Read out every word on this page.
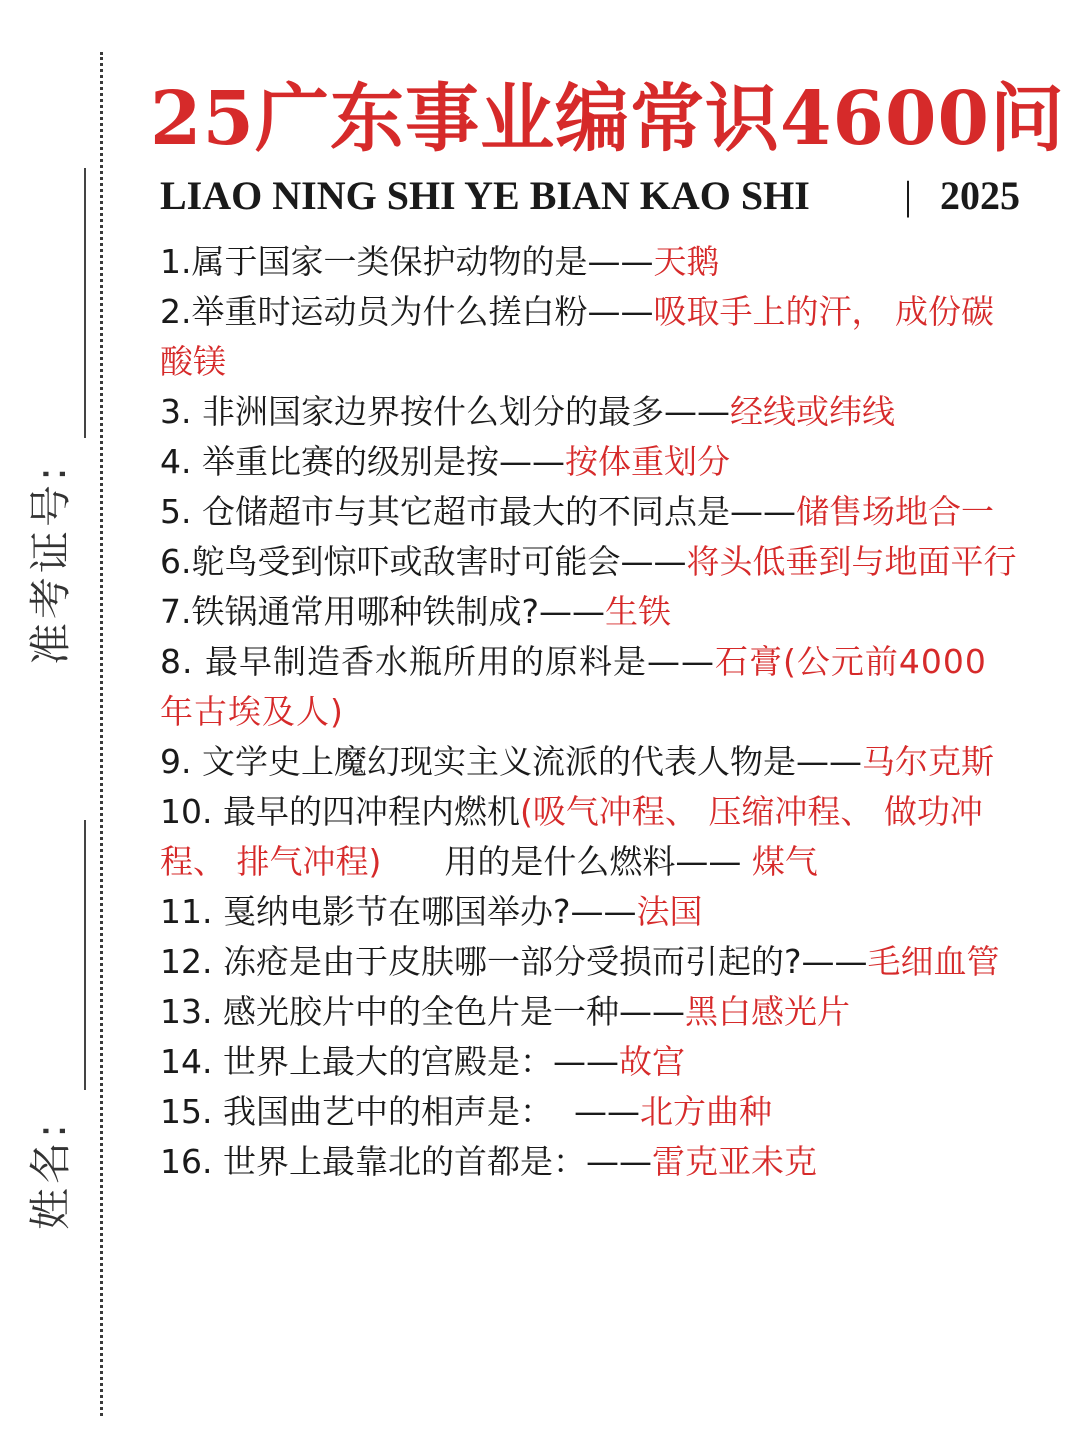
准考证号:
姓名:
25广东事业编常识4600问
LIAO NING SHI YE BIAN KAO SHI	| 2025

1.属于国家一类保护动物的是——天鹅

2.举重时运动员为什么搓白粉——吸取手上的汗， 成份碳酸镁

3. 非洲国家边界按什么划分的最多——经线或纬线

4. 举重比赛的级别是按——按体重划分

5. 仓储超市与其它超市最大的不同点是——储售场地合一

6.鸵鸟受到惊吓或敌害时可能会——将头低垂到与地面平行

7.铁锅通常用哪种铁制成?——生铁

8. 最早制造香水瓶所用的原料是——石膏(公元前4000 年古埃及人)

9. 文学史上魔幻现实主义流派的代表人物是——马尔克斯

10. 最早的四冲程内燃机(吸气冲程、 压缩冲程、 做功冲程、 排气冲程)      用的是什么燃料—— 煤气

11. 戛纳电影节在哪国举办?——法国

12. 冻疮是由于皮肤哪一部分受损而引起的?——毛细血管

13. 感光胶片中的全色片是一种——黑白感光片

14. 世界上最大的宫殿是：——故宫

15. 我国曲艺中的相声是：  ——北方曲种

16. 世界上最靠北的首都是：——雷克亚未克
